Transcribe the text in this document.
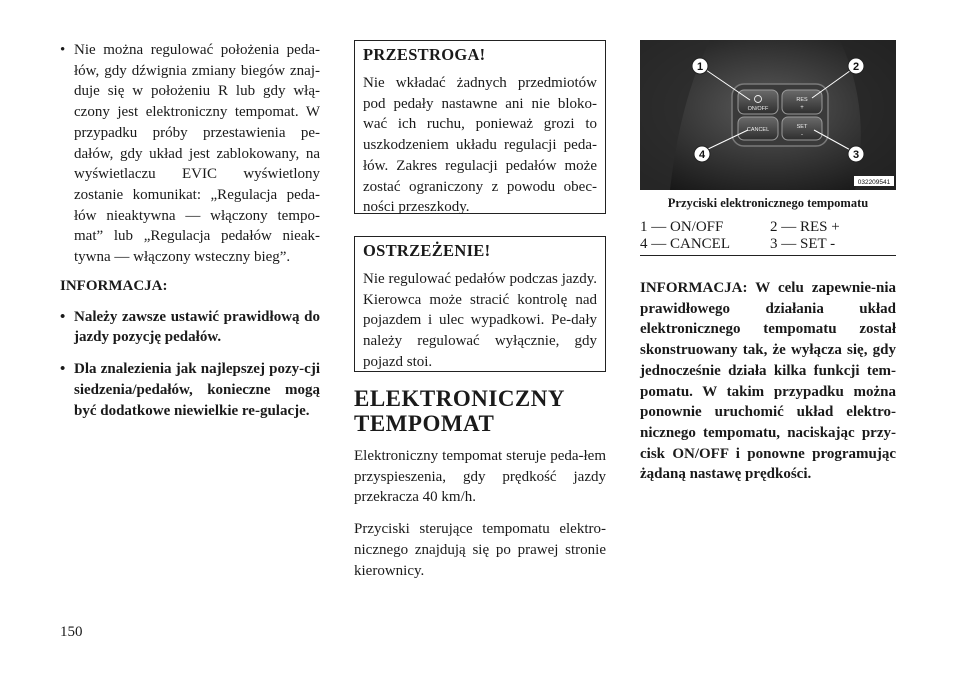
• Nie można regulować położenia peda-łów, gdy dźwignia zmiany biegów znaj-duje się w położeniu R lub gdy włą-czony jest elektroniczny tempomat. W przypadku próby przestawienia pe-dałów, gdy układ jest zablokowany, na wyświetlaczu EVIC wyświetlony zostanie komunikat: „Regulacja peda-łów nieaktywna — włączony tempo-mat” lub „Regulacja pedałów nieak-tywna — włączony wsteczny bieg”.

INFORMACJA:

• Należy zawsze ustawić prawidłową do jazdy pozycję pedałów.

• Dla znalezienia jak najlepszej pozy-cji siedzenia/pedałów, konieczne mogą być dodatkowe niewielkie re-gulacje.

PRZESTROGA!

Nie wkładać żadnych przedmiotów pod pedały nastawne ani nie bloko-wać ich ruchu, ponieważ grozi to uszkodzeniem układu regulacji peda-łów. Zakres regulacji pedałów może zostać ograniczony z powodu obec-ności przeszkody.

OSTRZEŻENIE!

Nie regulować pedałów podczas jazdy. Kierowca może stracić kontrolę nad pojazdem i ulec wypadkowi. Pe-dały należy regulować wyłącznie, gdy pojazd stoi.

ELEKTRONICZNY
TEMPOMAT

Elektroniczny tempomat steruje peda-łem przyspieszenia, gdy prędkość jazdy przekracza 40 km/h.

Przyciski sterujące tempomatu elektro-nicznego znajdują się po prawej stronie kierownicy.

ON/OFF
RES
+
CANCEL	SET
-
1	2
3
4
032209541
Przyciski elektronicznego tempomatu
1 — ON/OFF	2 — RES +
4 — CANCEL	3 — SET -

INFORMACJA: W celu zapewnie-nia prawidłowego działania układ elektronicznego tempomatu został skonstruowany tak, że wyłącza się, gdy jednocześnie działa kilka funkcji tem-pomatu. W takim przypadku można ponownie uruchomić układ elektro-nicznego tempomatu, naciskając przy-cisk ON/OFF i ponowne programując żądaną nastawę prędkości.

150
